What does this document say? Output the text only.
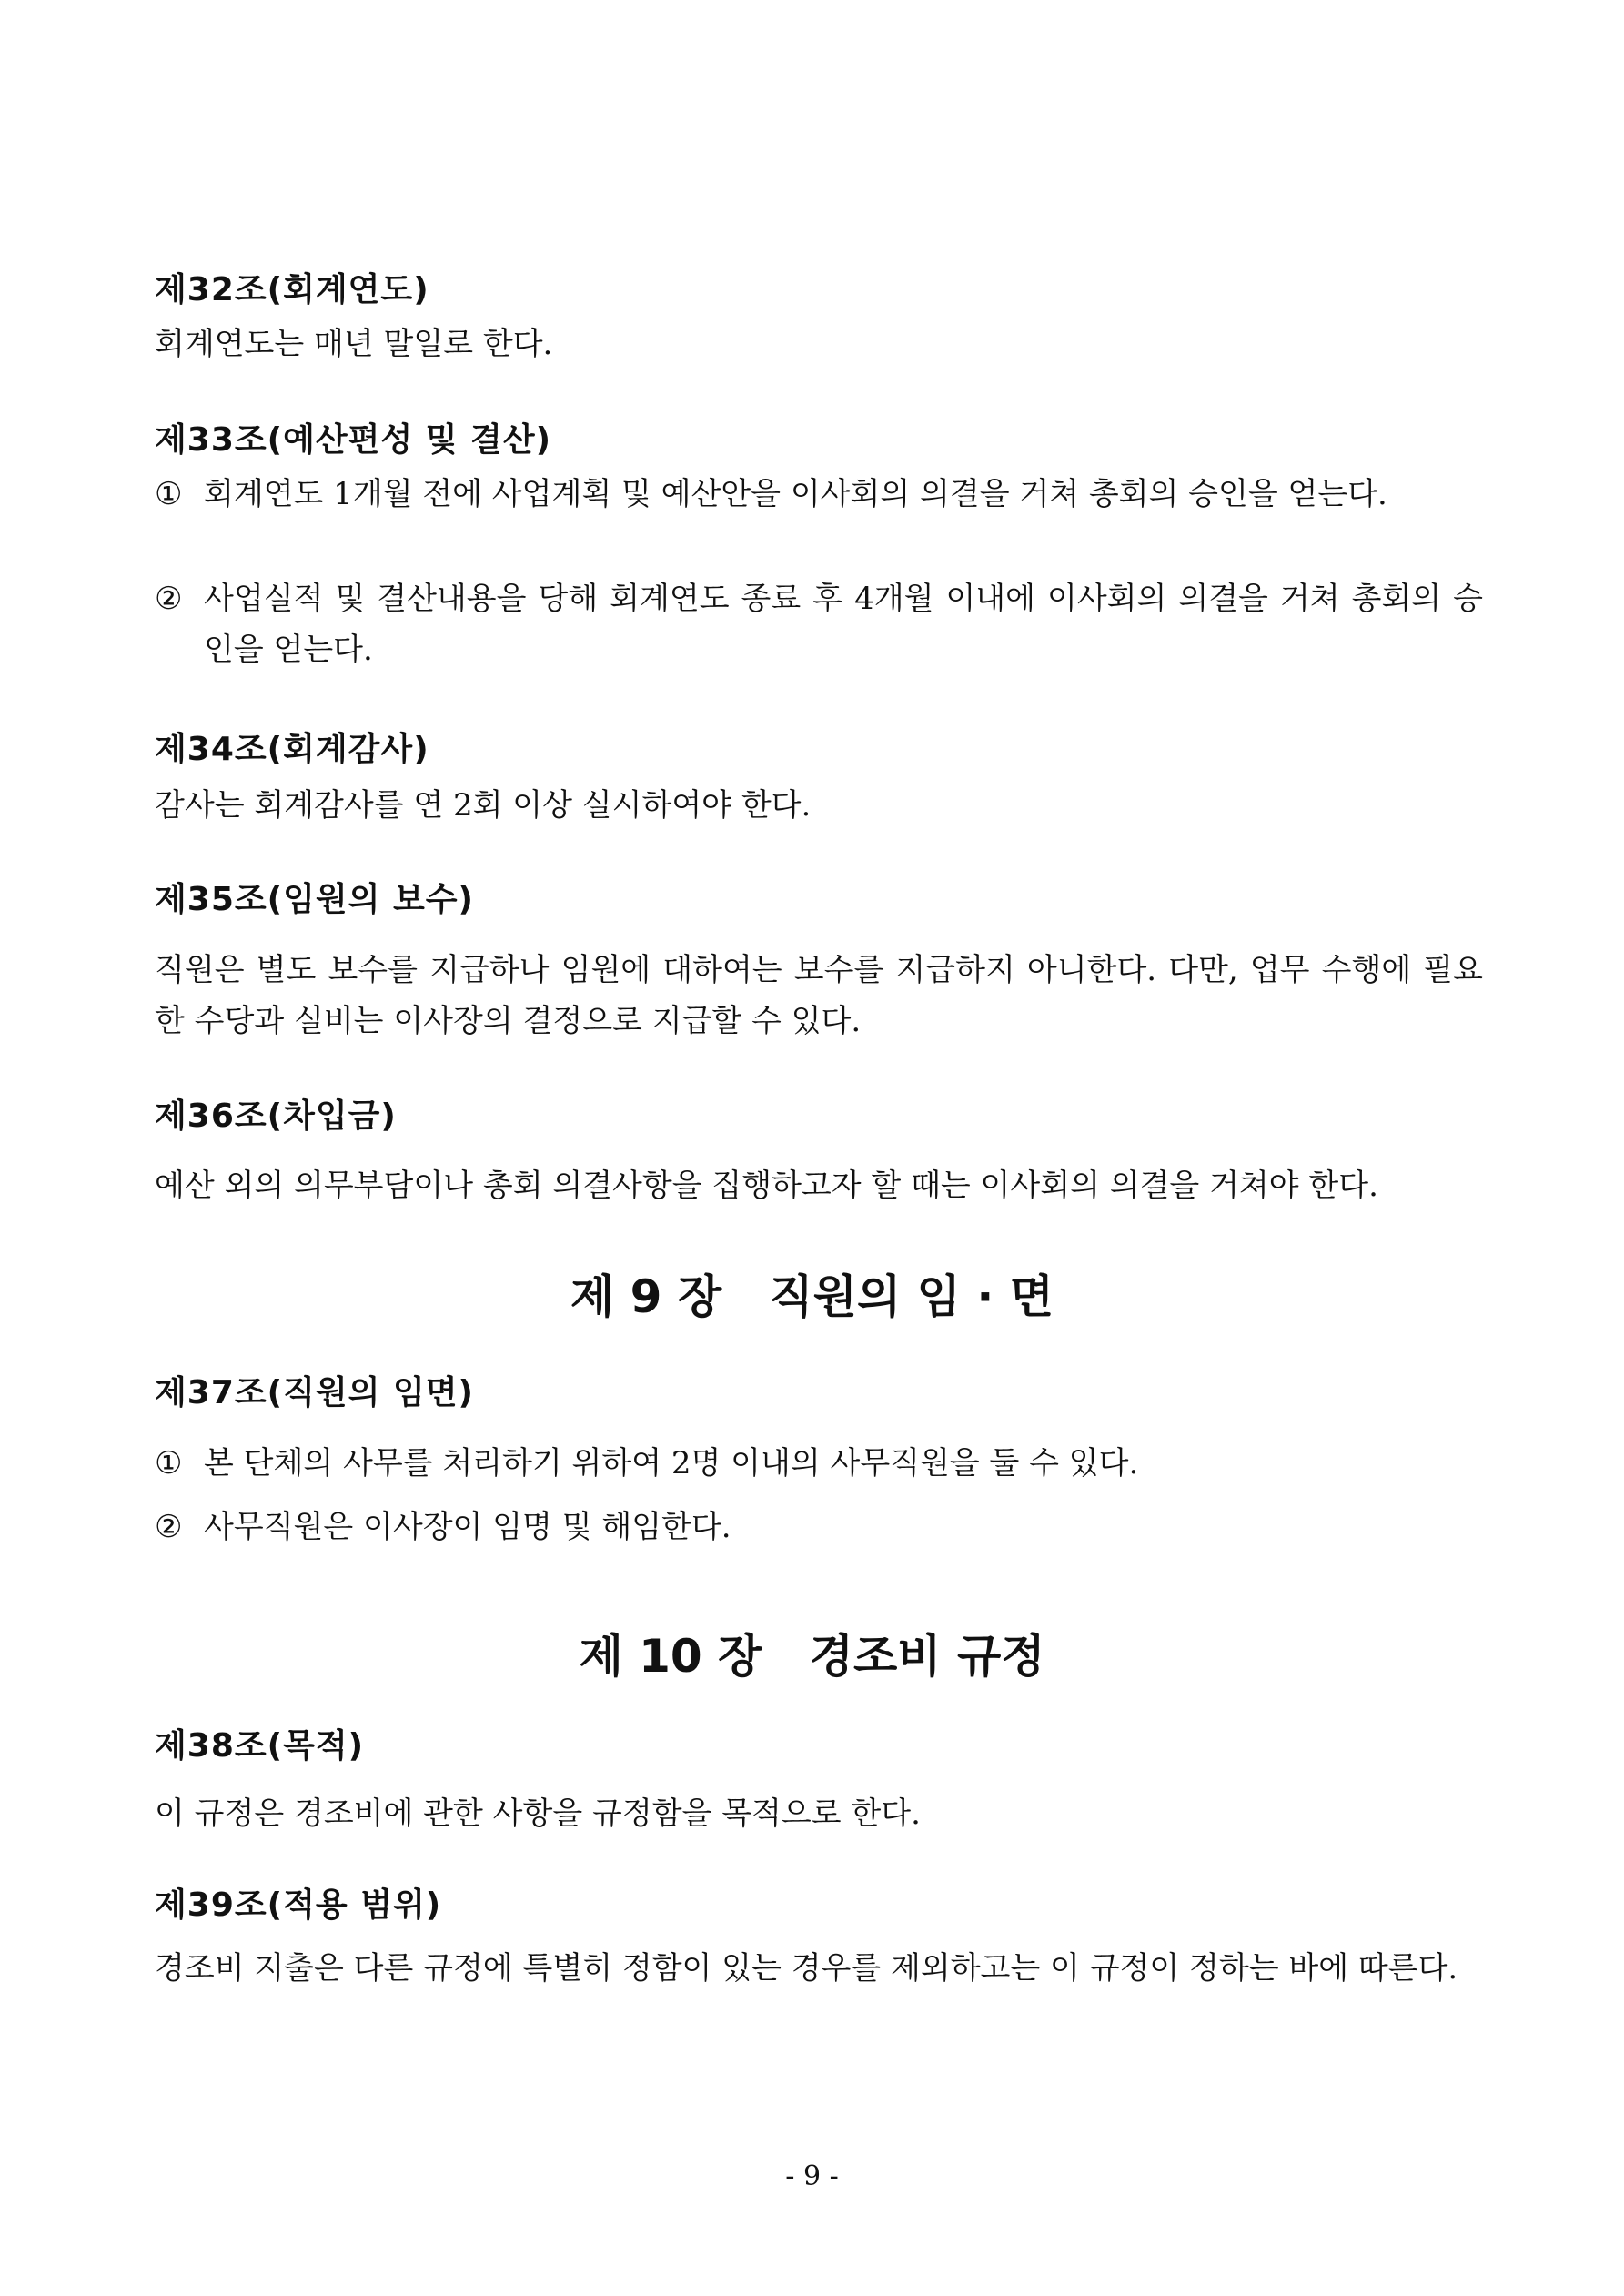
제32조(회계연도)

회계연도는 매년 말일로 한다.

제33조(예산편성 및 결산)
① 회계연도 1개월 전에 사업계획 및 예산안을 이사회의 의결을 거쳐 총회의 승인을 얻는다.
② 사업실적 및 결산내용을 당해 회계연도 종료 후 4개월 이내에 이사회의 의결을 거쳐 총회의 승인을 얻는다.
제34조(회계감사)

감사는 회계감사를 연 2회 이상 실시하여야 한다.

제35조(임원의 보수)

직원은 별도 보수를 지급하나 임원에 대하여는 보수를 지급하지 아니한다. 다만, 업무 수행에 필요한 수당과 실비는 이사장의 결정으로 지급할 수 있다.

제36조(차입금)

예산 외의 의무부담이나 총회 의결사항을 집행하고자 할 때는 이사회의 의결을 거쳐야 한다.

제 9 장   직원의 임 · 면
제37조(직원의 임면)
① 본 단체의 사무를 처리하기 위하여 2명 이내의 사무직원을 둘 수 있다.
② 사무직원은 이사장이 임명 및 해임한다.
제 10 장   경조비 규정
제38조(목적)

이 규정은 경조비에 관한 사항을 규정함을 목적으로 한다.

제39조(적용 범위)

경조비 지출은 다른 규정에 특별히 정함이 있는 경우를 제외하고는 이 규정이 정하는 바에 따른다.

- 9 -
